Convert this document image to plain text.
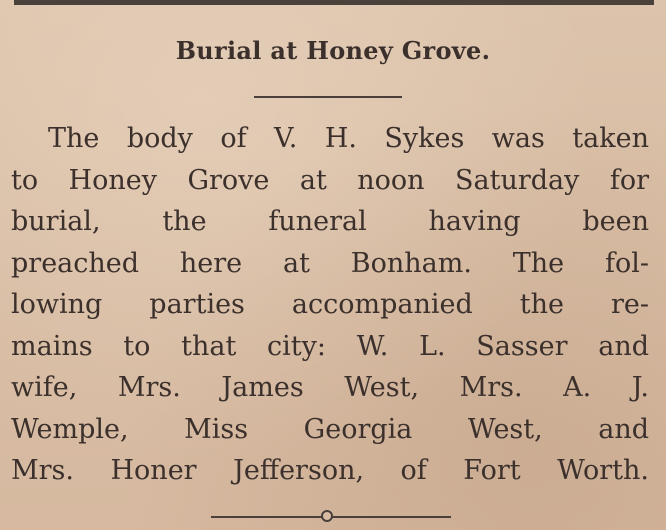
Burial at Honey Grove.
The body of V. H. Sykes was taken
to Honey Grove at noon Saturday for
burial, the funeral having been
preached here at Bonham. The fol-
lowing parties accompanied the re-
mains to that city: W. L. Sasser and
wife, Mrs. James West, Mrs. A. J.
Wemple, Miss Georgia West, and
Mrs. Honer Jefferson, of Fort Worth.
